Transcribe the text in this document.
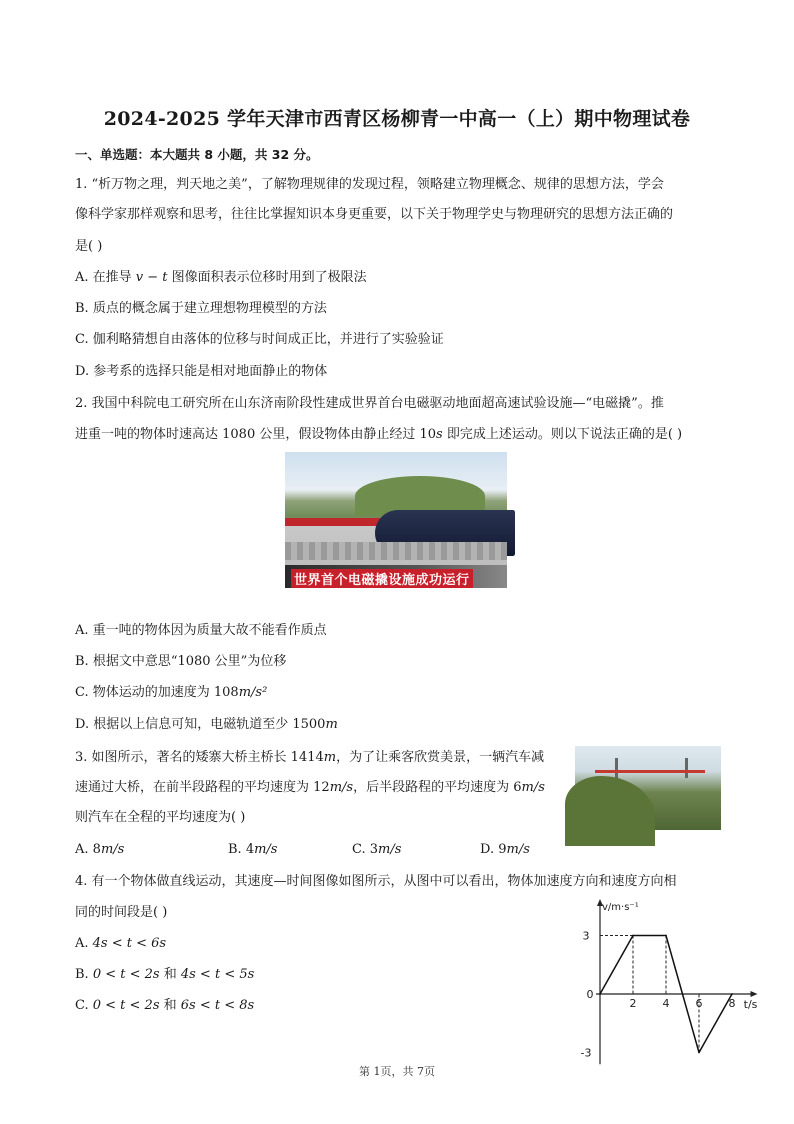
2024-2025 学年天津市西青区杨柳青一中高一（上）期中物理试卷
一、单选题：本大题共 8 小题，共 32 分。
1. “析万物之理，判天地之美”，了解物理规律的发现过程，领略建立物理概念、规律的思想方法，学会
像科学家那样观察和思考，往往比掌握知识本身更重要，以下关于物理学史与物理研究的思想方法正确的
是( )
A. 在推导 v − t 图像面积表示位移时用到了极限法
B. 质点的概念属于建立理想物理模型的方法
C. 伽利略猜想自由落体的位移与时间成正比，并进行了实验验证
D. 参考系的选择只能是相对地面静止的物体
2. 我国中科院电工研究所在山东济南阶段性建成世界首台电磁驱动地面超高速试验设施—“电磁撬”。推
进重一吨的物体时速高达 1080 公里，假设物体由静止经过 10s 即完成上述运动。则以下说法正确的是( )
世界首个电磁撬设施成功运行
A. 重一吨的物体因为质量大故不能看作质点
B. 根据文中意思“1080 公里”为位移
C. 物体运动的加速度为 108m/s²
D. 根据以上信息可知，电磁轨道至少 1500m
3. 如图所示，著名的矮寨大桥主桥长 1414m，为了让乘客欣赏美景，一辆汽车减
速通过大桥，在前半段路程的平均速度为 12m/s，后半段路程的平均速度为 6m/s
则汽车在全程的平均速度为( )
A. 8m/s	B. 4m/s	C. 3m/s	D. 9m/s
4. 有一个物体做直线运动，其速度—时间图像如图所示，从图中可以看出，物体加速度方向和速度方向相
同的时间段是( )
A. 4s < t < 6s
B. 0 < t < 2s 和 4s < t < 5s
C. 0 < t < 2s 和 6s < t < 8s
v/m·s⁻¹
t/s
0
3
-3
2 4 6 8
第 1页，共 7页
